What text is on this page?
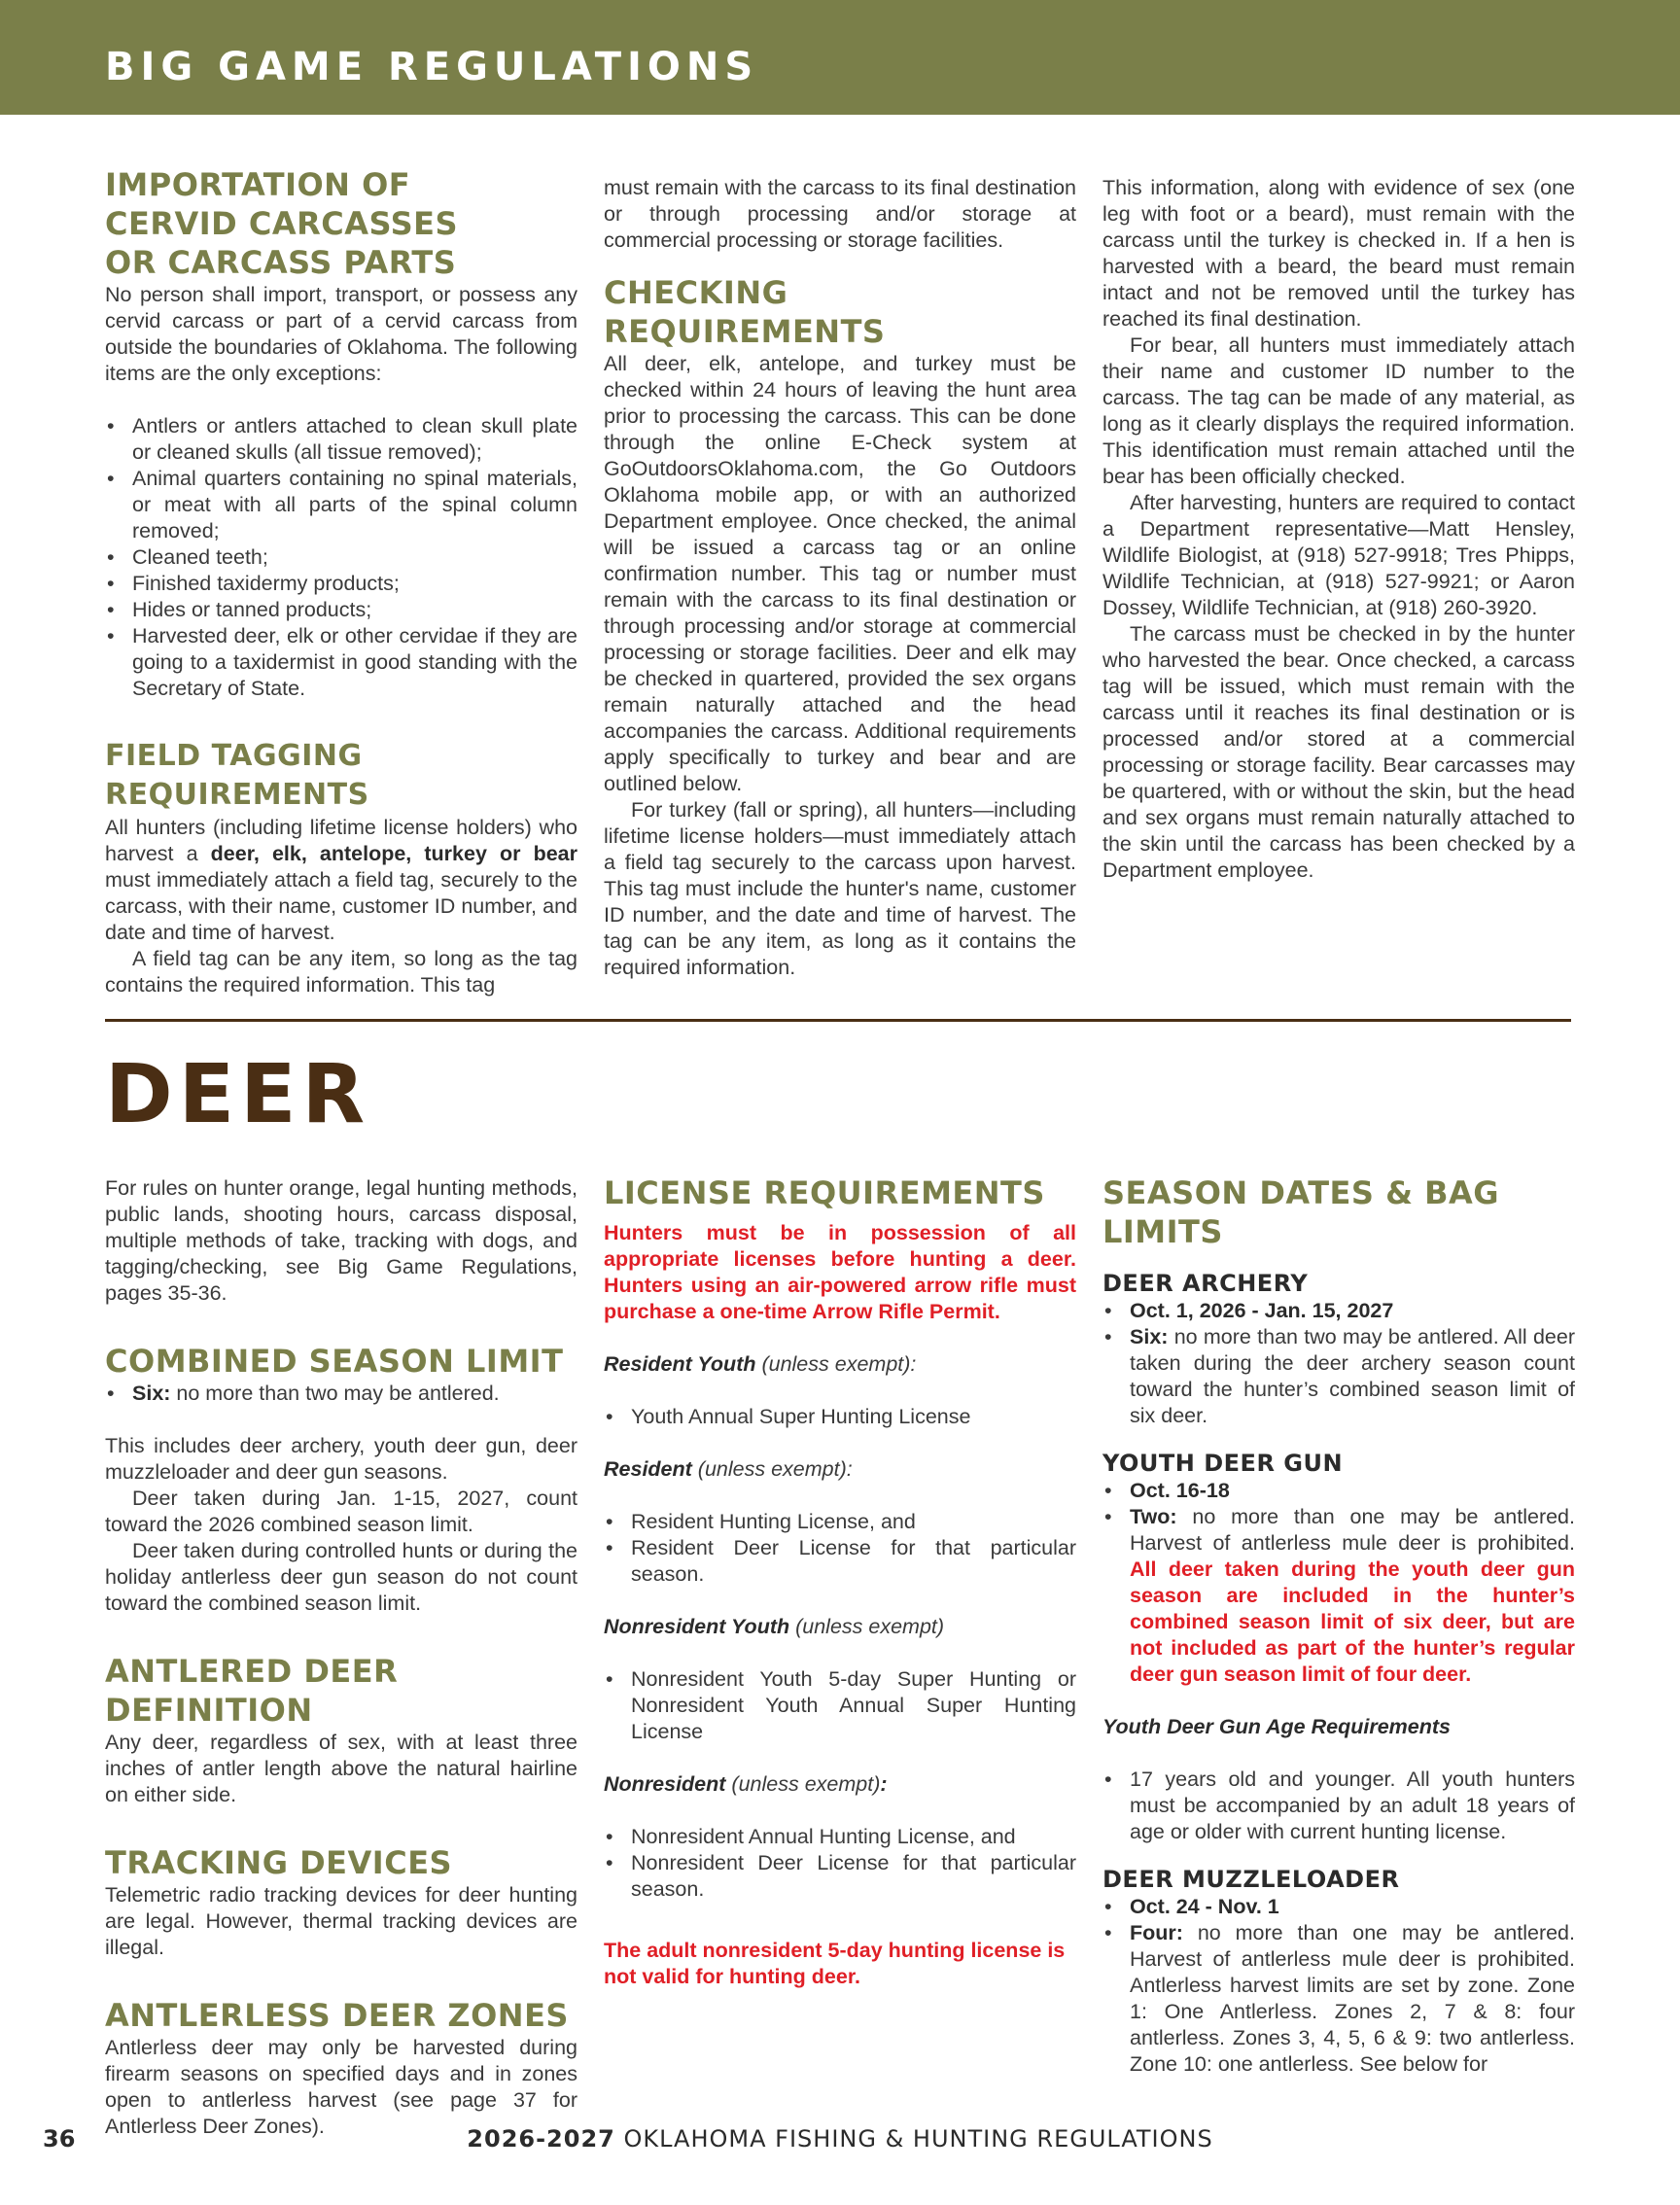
BIG GAME REGULATIONS
IMPORTATION OF
CERVID CARCASSES
OR CARCASS PARTS

No person shall import, transport, or possess any cervid carcass or part of a cervid carcass from outside the boundaries of Oklahoma. The following items are the only exceptions:

• Antlers or antlers attached to clean skull plate or cleaned skulls (all tissue removed);
• Animal quarters containing no spinal materials, or meat with all parts of the spinal column removed;
• Cleaned teeth;
• Finished taxidermy products;
• Hides or tanned products;
• Harvested deer, elk or other cervidae if they are going to a taxidermist in good standing with the Secretary of State.
FIELD TAGGING REQUIREMENTS

All hunters (including lifetime license holders) who harvest a deer, elk, antelope, turkey or bear must immediately attach a field tag, securely to the carcass, with their name, customer ID number, and date and time of harvest.

A field tag can be any item, so long as the tag contains the required information. This tag

must remain with the carcass to its final destination or through processing and/or storage at commercial processing or storage facilities.

CHECKING REQUIREMENTS

All deer, elk, antelope, and turkey must be checked within 24 hours of leaving the hunt area prior to processing the carcass. This can be done through the online E-Check system at GoOutdoorsOklahoma.com, the Go Outdoors Oklahoma mobile app, or with an authorized Department employee. Once checked, the animal will be issued a carcass tag or an online confirmation number. This tag or number must remain with the carcass to its final destination or through processing and/or storage at commercial processing or storage facilities. Deer and elk may be checked in quartered, provided the sex organs remain naturally attached and the head accompanies the carcass. Additional requirements apply specifically to turkey and bear and are outlined below.

For turkey (fall or spring), all hunters—including lifetime license holders—must immediately attach a field tag securely to the carcass upon harvest. This tag must include the hunter's name, customer ID number, and the date and time of harvest. The tag can be any item, as long as it contains the required information.

This information, along with evidence of sex (one leg with foot or a beard), must remain with the carcass until the turkey is checked in. If a hen is harvested with a beard, the beard must remain intact and not be removed until the turkey has reached its final destination.

For bear, all hunters must immediately attach their name and customer ID number to the carcass. The tag can be made of any material, as long as it clearly displays the required information. This identification must remain attached until the bear has been officially checked.

After harvesting, hunters are required to contact a Department representative—Matt Hensley, Wildlife Biologist, at (918) 527-9918; Tres Phipps, Wildlife Technician, at (918) 527-9921; or Aaron Dossey, Wildlife Technician, at (918) 260-3920.

The carcass must be checked in by the hunter who harvested the bear. Once checked, a carcass tag will be issued, which must remain with the carcass until it reaches its final destination or is processed and/or stored at a commercial processing or storage facility. Bear carcasses may be quartered, with or without the skin, but the head and sex organs must remain naturally attached to the skin until the carcass has been checked by a Department employee.

DEER

For rules on hunter orange, legal hunting methods, public lands, shooting hours, carcass disposal, multiple methods of take, tracking with dogs, and tagging/checking, see Big Game Regulations, pages 35-36.

COMBINED SEASON LIMIT
• Six: no more than two may be antlered.

This includes deer archery, youth deer gun, deer muzzleloader and deer gun seasons.

Deer taken during Jan. 1-15, 2027, count toward the 2026 combined season limit.

Deer taken during controlled hunts or during the holiday antlerless deer gun season do not count toward the combined season limit.

ANTLERED DEER DEFINITION

Any deer, regardless of sex, with at least three inches of antler length above the natural hairline on either side.

TRACKING DEVICES

Telemetric radio tracking devices for deer hunting are legal. However, thermal tracking devices are illegal.

ANTLERLESS DEER ZONES

Antlerless deer may only be harvested during firearm seasons on specified days and in zones open to antlerless harvest (see page 37 for Antlerless Deer Zones).

LICENSE REQUIREMENTS

Hunters must be in possession of all appropriate licenses before hunting a deer. Hunters using an air-powered arrow rifle must purchase a one-time Arrow Rifle Permit.

Resident Youth (unless exempt):

• Youth Annual Super Hunting License

Resident (unless exempt):

• Resident Hunting License, and
• Resident Deer License for that particular season.

Nonresident Youth (unless exempt)

• Nonresident Youth 5-day Super Hunting or Nonresident Youth Annual Super Hunting License

Nonresident (unless exempt):

• Nonresident Annual Hunting License, and
• Nonresident Deer License for that particular season.

The adult nonresident 5-day hunting license is not valid for hunting deer.

SEASON DATES & BAG LIMITS
DEER ARCHERY
• Oct. 1, 2026 - Jan. 15, 2027
• Six: no more than two may be antlered. All deer taken during the deer archery season count toward the hunter’s combined season limit of six deer.
YOUTH DEER GUN
• Oct. 16-18
• Two: no more than one may be antlered. Harvest of antlerless mule deer is prohibited. All deer taken during the youth deer gun season are included in the hunter’s combined season limit of six deer, but are not included as part of the hunter’s regular deer gun season limit of four deer.

Youth Deer Gun Age Requirements

• 17 years old and younger. All youth hunters must be accompanied by an adult 18 years of age or older with current hunting license.
DEER MUZZLELOADER
• Oct. 24 - Nov. 1
• Four: no more than one may be antlered. Harvest of antlerless mule deer is prohibited. Antlerless harvest limits are set by zone. Zone 1: One Antlerless. Zones 2, 7 & 8: four antlerless. Zones 3, 4, 5, 6 & 9: two antlerless. Zone 10: one antlerless. See below for
36	2026-2027 OKLAHOMA FISHING & HUNTING REGULATIONS
